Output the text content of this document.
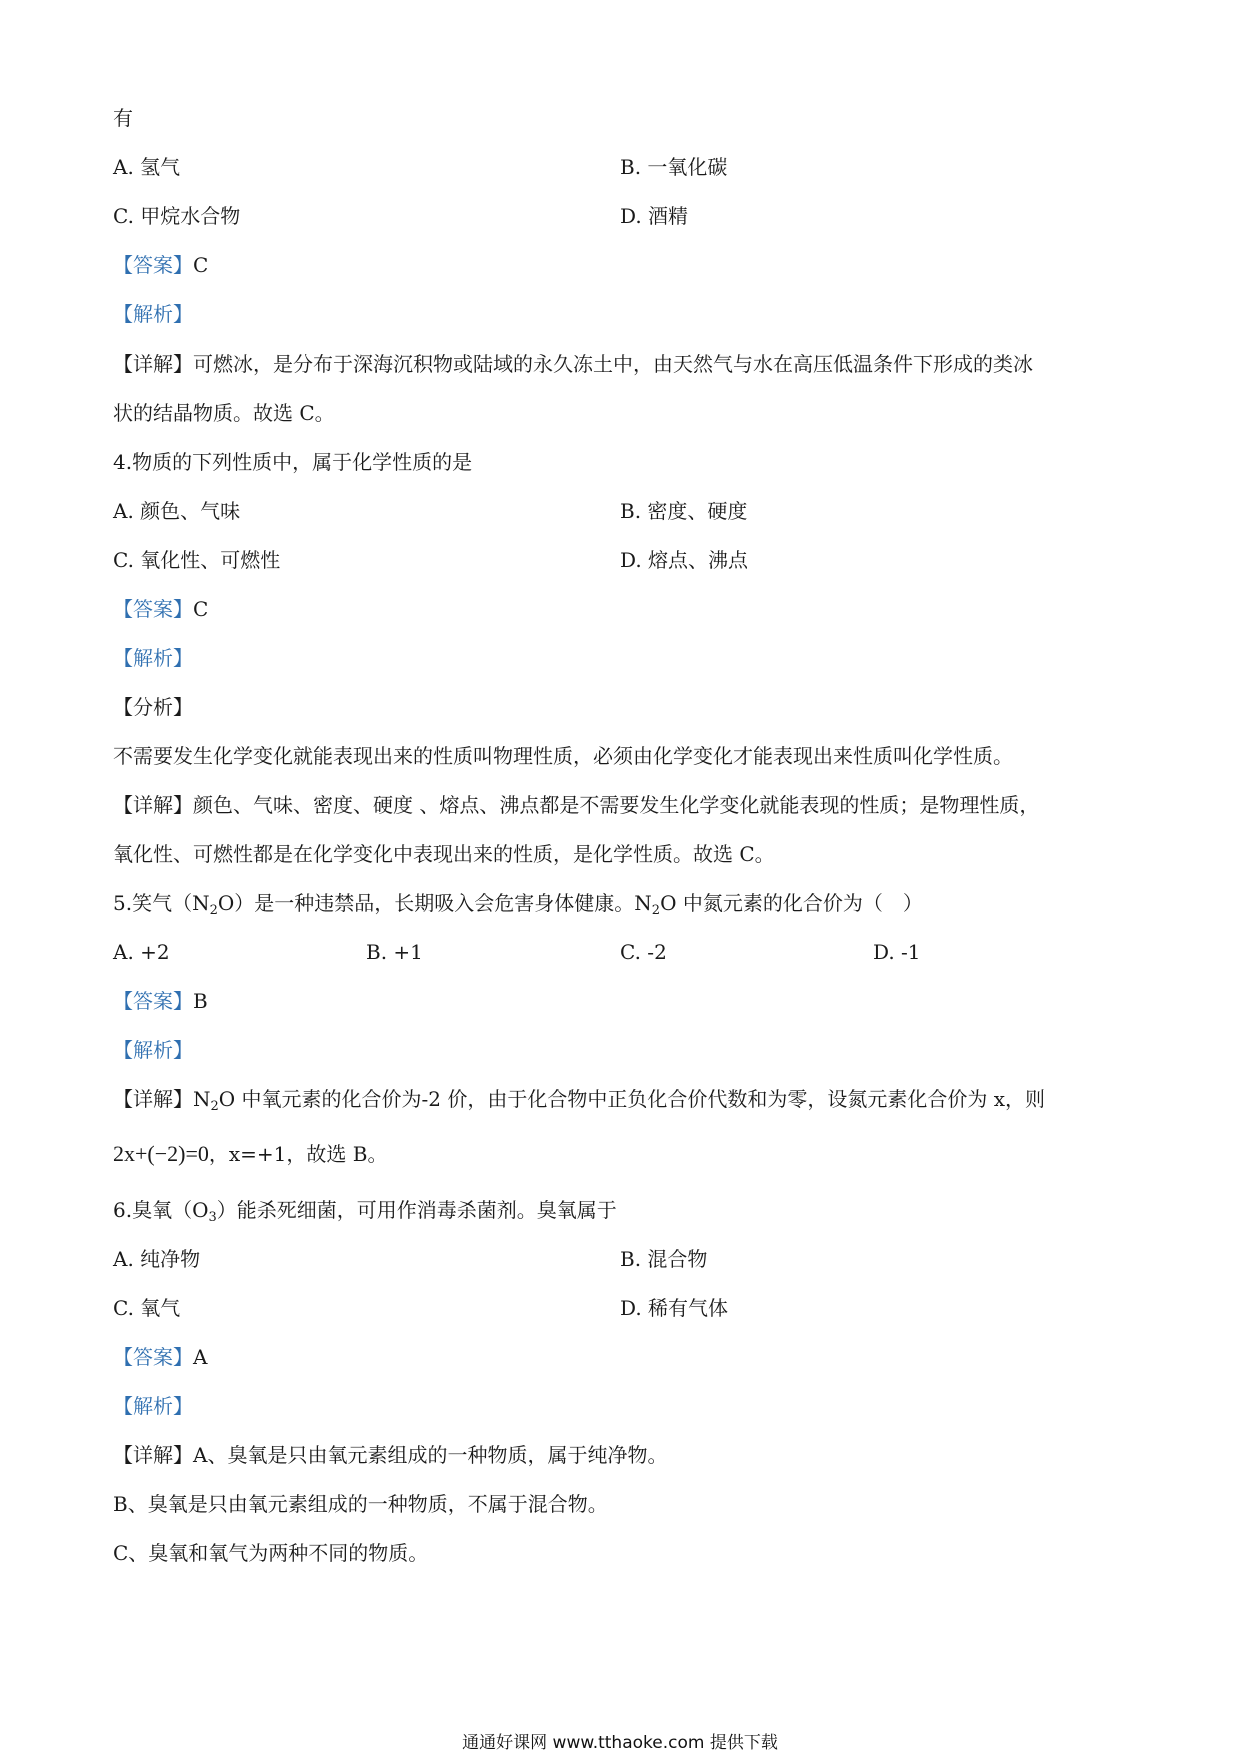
有
A. 氢气	B. 一氧化碳
C. 甲烷水合物	D. 酒精
【答案】C
【解析】
【详解】可燃冰，是分布于深海沉积物或陆域的永久冻土中，由天然气与水在高压低温条件下形成的类冰
状的结晶物质。故选 C。
4.物质的下列性质中，属于化学性质的是
A. 颜色、气味	B. 密度、硬度
C. 氧化性、可燃性	D. 熔点、沸点
【答案】C
【解析】
【分析】
不需要发生化学变化就能表现出来的性质叫物理性质，必须由化学变化才能表现出来性质叫化学性质。
【详解】颜色、气味、密度、硬度 、熔点、沸点都是不需要发生化学变化就能表现的性质；是物理性质，
氧化性、可燃性都是在化学变化中表现出来的性质，是化学性质。故选 C。
5.笑气$(N_2O)$是一种违禁品，长期吸入会危害身体健康。$N_2O$ 中氮元素的化合价为（　）
A. +2	B. +1	C. -2	D. -1
【答案】B
【解析】
【详解】$N_2O$ 中氧元素的化合价为-2 价，由于化合物中正负化合价代数和为零，设氮元素化合价为 x，则
2x+(−2)=0，x=+1，故选 B。
6.臭氧$(O_3)$能杀死细菌，可用作消毒杀菌剂。臭氧属于
A. 纯净物	B. 混合物
C. 氧气	D. 稀有气体
【答案】A
【解析】
【详解】A、臭氧是只由氧元素组成的一种物质，属于纯净物。
B、臭氧是只由氧元素组成的一种物质，不属于混合物。
C、臭氧和氧气为两种不同的物质。
通通好课网 www.tthaoke.com 提供下载
